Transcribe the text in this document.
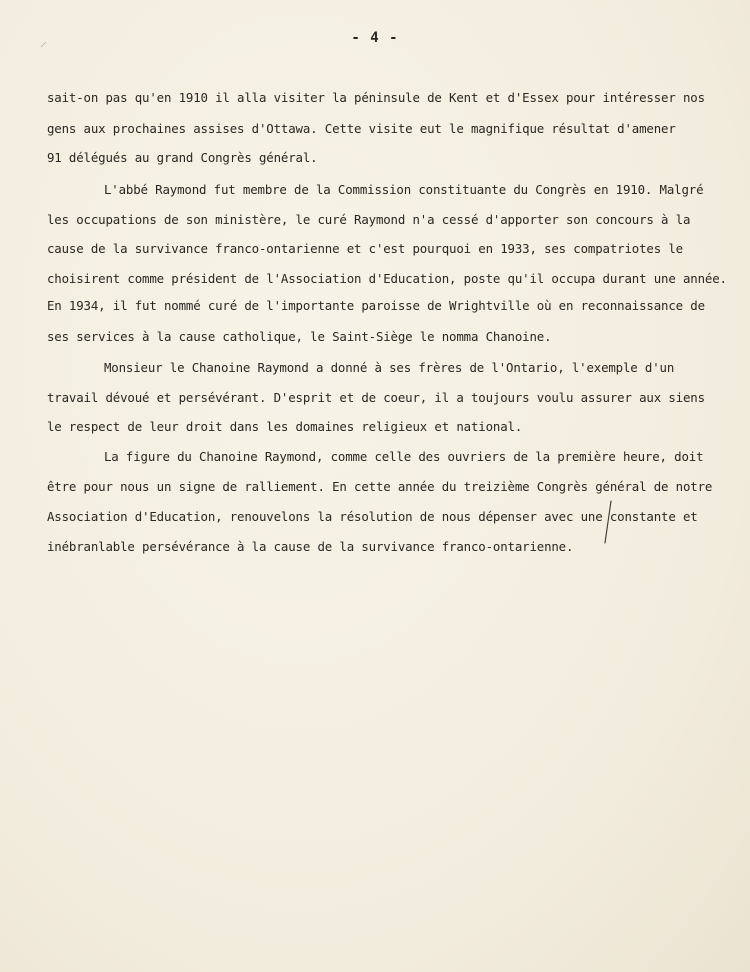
- 4 -
sait-on pas qu'en 1910 il alla visiter la péninsule de Kent et d'Essex pour intéresser nos
gens aux prochaines assises d'Ottawa. Cette visite eut le magnifique résultat d'amener
91 délégués au grand Congrès général.
L'abbé Raymond fut membre de la Commission constituante du Congrès en 1910. Malgré
les occupations de son ministère, le curé Raymond n'a cessé d'apporter son concours à la
cause de la survivance franco-ontarienne et c'est pourquoi en 1933, ses compatriotes le
choisirent comme président de l'Association d'Education, poste qu'il occupa durant une année.
En 1934, il fut nommé curé de l'importante paroisse de Wrightville où en reconnaissance de
ses services à la cause catholique, le Saint-Siège le nomma Chanoine.
Monsieur le Chanoine Raymond a donné à ses frères de l'Ontario, l'exemple d'un
travail dévoué et persévérant. D'esprit et de coeur, il a toujours voulu assurer aux siens
le respect de leur droit dans les domaines religieux et national.
La figure du Chanoine Raymond, comme celle des ouvriers de la première heure, doit
être pour nous un signe de ralliement. En cette année du treizième Congrès général de notre
Association d'Education, renouvelons la résolution de nous dépenser avec une constante et
inébranlable persévérance à la cause de la survivance franco-ontarienne.
